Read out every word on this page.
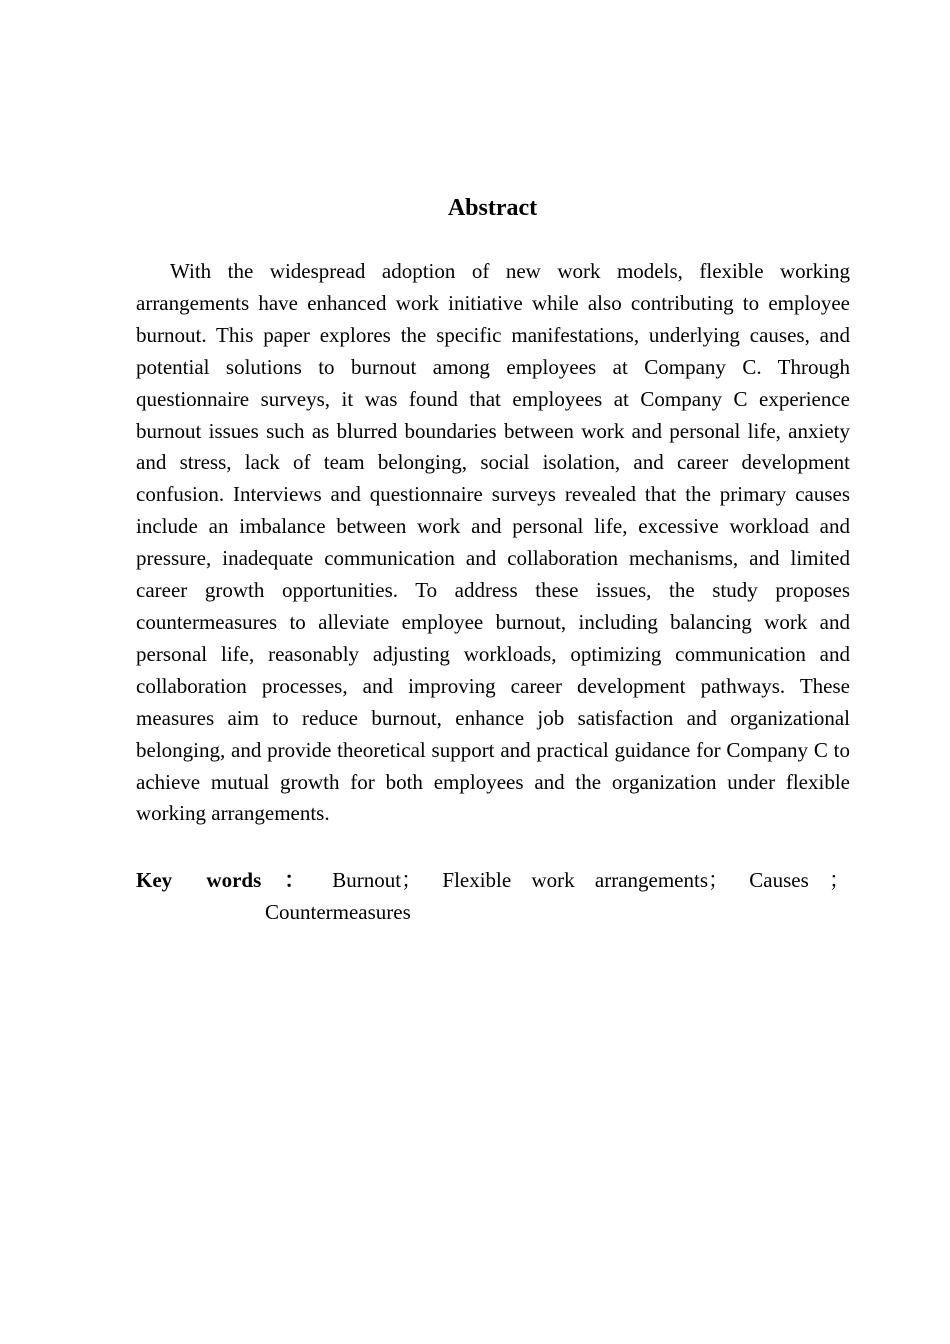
Abstract

With the widespread adoption of new work models, flexible working arrangements have enhanced work initiative while also contributing to employee burnout. This paper explores the specific manifestations, underlying causes, and potential solutions to burnout among employees at Company C. Through questionnaire surveys, it was found that employees at Company C experience burnout issues such as blurred boundaries between work and personal life, anxiety and stress, lack of team belonging, social isolation, and career development confusion. Interviews and questionnaire surveys revealed that the primary causes include an imbalance between work and personal life, excessive workload and pressure, inadequate communication and collaboration mechanisms, and limited career growth opportunities. To address these issues, the study proposes countermeasures to alleviate employee burnout, including balancing work and personal life, reasonably adjusting workloads, optimizing communication and collaboration processes, and improving career development pathways. These measures aim to reduce burnout, enhance job satisfaction and organizational belonging, and provide theoretical support and practical guidance for Company C to achieve mutual growth for both employees and the organization under flexible working arrangements.

Key words ： Burnout； Flexible work arrangements； Causes ；

Countermeasures
